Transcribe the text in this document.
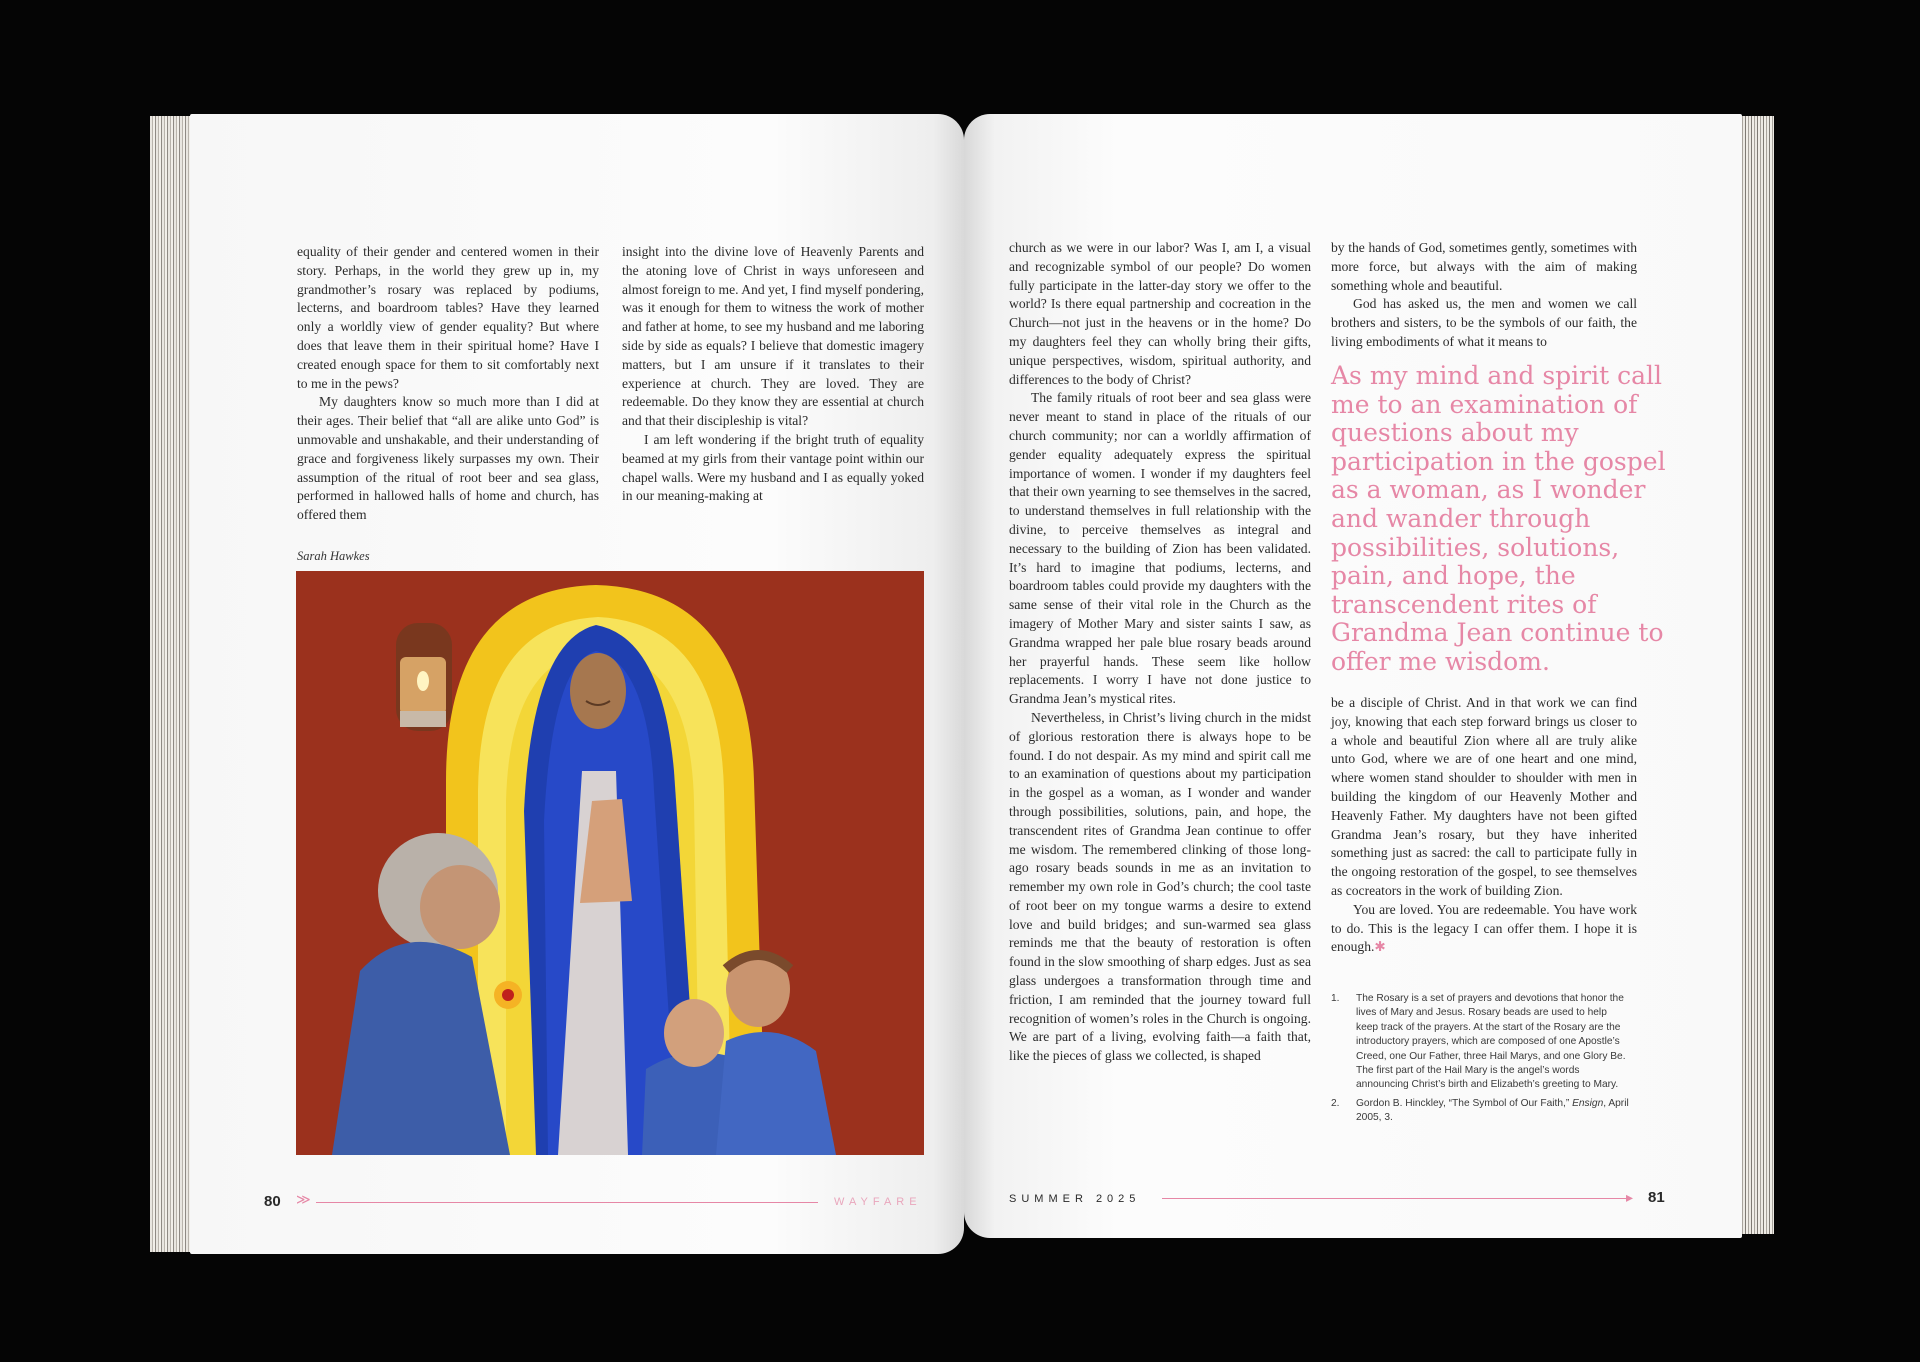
equality of their gender and centered women in their story. Perhaps, in the world they grew up in, my grandmother’s rosary was replaced by podiums, lecterns, and boardroom tables? Have they learned only a worldly view of gender equality? But where does that leave them in their spiritual home? Have I created enough space for them to sit comfortably next to me in the pews?

My daughters know so much more than I did at their ages. Their belief that “all are alike unto God” is unmovable and unshakable, and their understanding of grace and forgiveness likely surpasses my own. Their assumption of the ritual of root beer and sea glass, performed in hallowed halls of home and church, has offered them

insight into the divine love of Heavenly Parents and the atoning love of Christ in ways unforeseen and almost foreign to me. And yet, I find myself pondering, was it enough for them to witness the work of mother and father at home, to see my husband and me laboring side by side as equals? I believe that domestic imagery matters, but I am unsure if it translates to their experience at church. They are loved. They are redeemable. Do they know they are essential at church and that their discipleship is vital?

I am left wondering if the bright truth of equality beamed at my girls from their vantage point within our chapel walls. Were my husband and I as equally yoked in our meaning-making at

Sarah Hawkes
80 ≫	WAYFARE

church as we were in our labor? Was I, am I, a visual and recognizable symbol of our people? Do women fully participate in the latter-day story we offer to the world? Is there equal partnership and cocreation in the Church—not just in the heavens or in the home? Do my daughters feel they can wholly bring their gifts, unique perspectives, wisdom, spiritual authority, and differences to the body of Christ?

The family rituals of root beer and sea glass were never meant to stand in place of the rituals of our church community; nor can a worldly affirmation of gender equality adequately express the spiritual importance of women. I wonder if my daughters feel that their own yearning to see themselves in the sacred, to understand themselves in full relationship with the divine, to perceive themselves as integral and necessary to the building of Zion has been validated. It’s hard to imagine that podiums, lecterns, and boardroom tables could provide my daughters with the same sense of their vital role in the Church as the imagery of Mother Mary and sister saints I saw, as Grandma wrapped her pale blue rosary beads around her prayerful hands. These seem like hollow replacements. I worry I have not done justice to Grandma Jean’s mystical rites.

Nevertheless, in Christ’s living church in the midst of glorious restoration there is always hope to be found. I do not despair. As my mind and spirit call me to an examination of questions about my participation in the gospel as a woman, as I wonder and wander through possibilities, solutions, pain, and hope, the transcendent rites of Grandma Jean continue to offer me wisdom. The remembered clinking of those long-ago rosary beads sounds in me as an invitation to remember my own role in God’s church; the cool taste of root beer on my tongue warms a desire to extend love and build bridges; and sun-warmed sea glass reminds me that the beauty of restoration is often found in the slow smoothing of sharp edges. Just as sea glass undergoes a transformation through time and friction, I am reminded that the journey toward full recognition of women’s roles in the Church is ongoing. We are part of a living, evolving faith—a faith that, like the pieces of glass we collected, is shaped

by the hands of God, sometimes gently, sometimes with more force, but always with the aim of making something whole and beautiful.

God has asked us, the men and women we call brothers and sisters, to be the symbols of our faith, the living embodiments of what it means to

As my mind and spirit call me to an examination of questions about my participation in the gospel as a woman, as I wonder and wander through possibilities, solutions, pain, and hope, the transcendent rites of Grandma Jean continue to offer me wisdom.

be a disciple of Christ. And in that work we can find joy, knowing that each step forward brings us closer to a whole and beautiful Zion where all are truly alike unto God, where we are of one heart and one mind, where women stand shoulder to shoulder with men in building the kingdom of our Heavenly Mother and Heavenly Father. My daughters have not been gifted Grandma Jean’s rosary, but they have inherited something just as sacred: the call to participate fully in the ongoing restoration of the gospel, to see themselves as cocreators in the work of building Zion.

You are loved. You are redeemable. You have work to do. This is the legacy I can offer them. I hope it is enough.✱

1.	The Rosary is a set of prayers and devotions that honor the lives of Mary and Jesus. Rosary beads are used to help keep track of the prayers. At the start of the Rosary are the introductory prayers, which are composed of one Apostle’s Creed, one Our Father, three Hail Marys, and one Glory Be. The first part of the Hail Mary is the angel’s words announcing Christ’s birth and Elizabeth’s greeting to Mary.
2.	Gordon B. Hinckley, “The Symbol of Our Faith,” Ensign, April 2005, 3.
SUMMER 2025	▸ 81
